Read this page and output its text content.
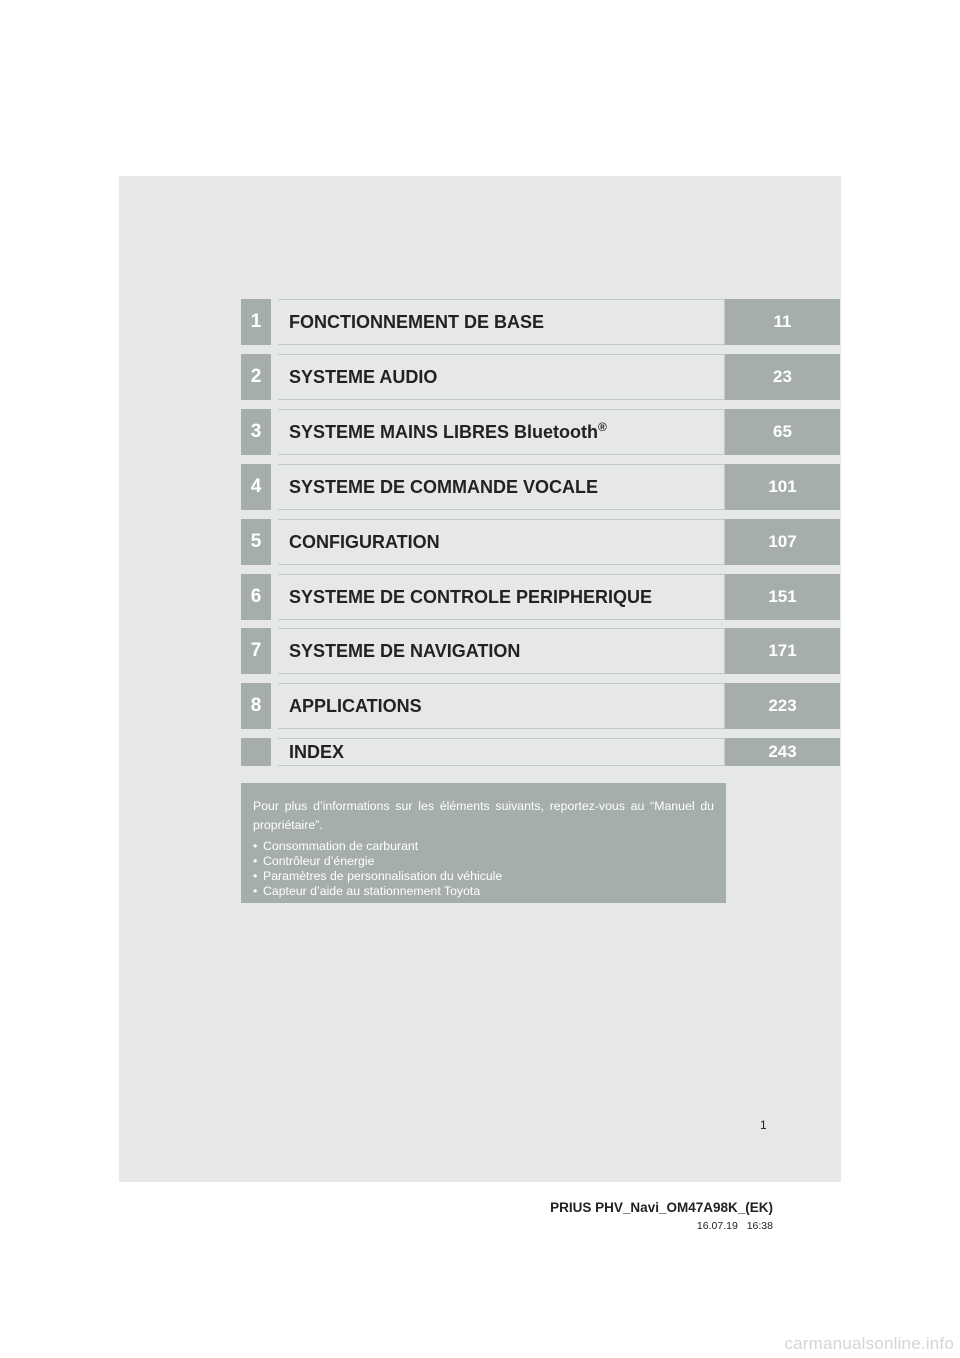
1	FONCTIONNEMENT DE BASE	11
2	SYSTEME AUDIO	23
3	SYSTEME MAINS LIBRES Bluetooth®	65
4	SYSTEME DE COMMANDE VOCALE	101
5	CONFIGURATION	107
6	SYSTEME DE CONTROLE PERIPHERIQUE	151
7	SYSTEME DE NAVIGATION	171
8	APPLICATIONS	223
INDEX	243
Pour plus d’informations sur les éléments suivants, reportez-vous au “Manuel du propriétaire”.
• Consommation de carburant
• Contrôleur d’énergie
• Paramètres de personnalisation du véhicule
• Capteur d’aide au stationnement Toyota
1
PRIUS PHV_Navi_OM47A98K_(EK)
16.07.19 16:38
carmanualsonline.info
